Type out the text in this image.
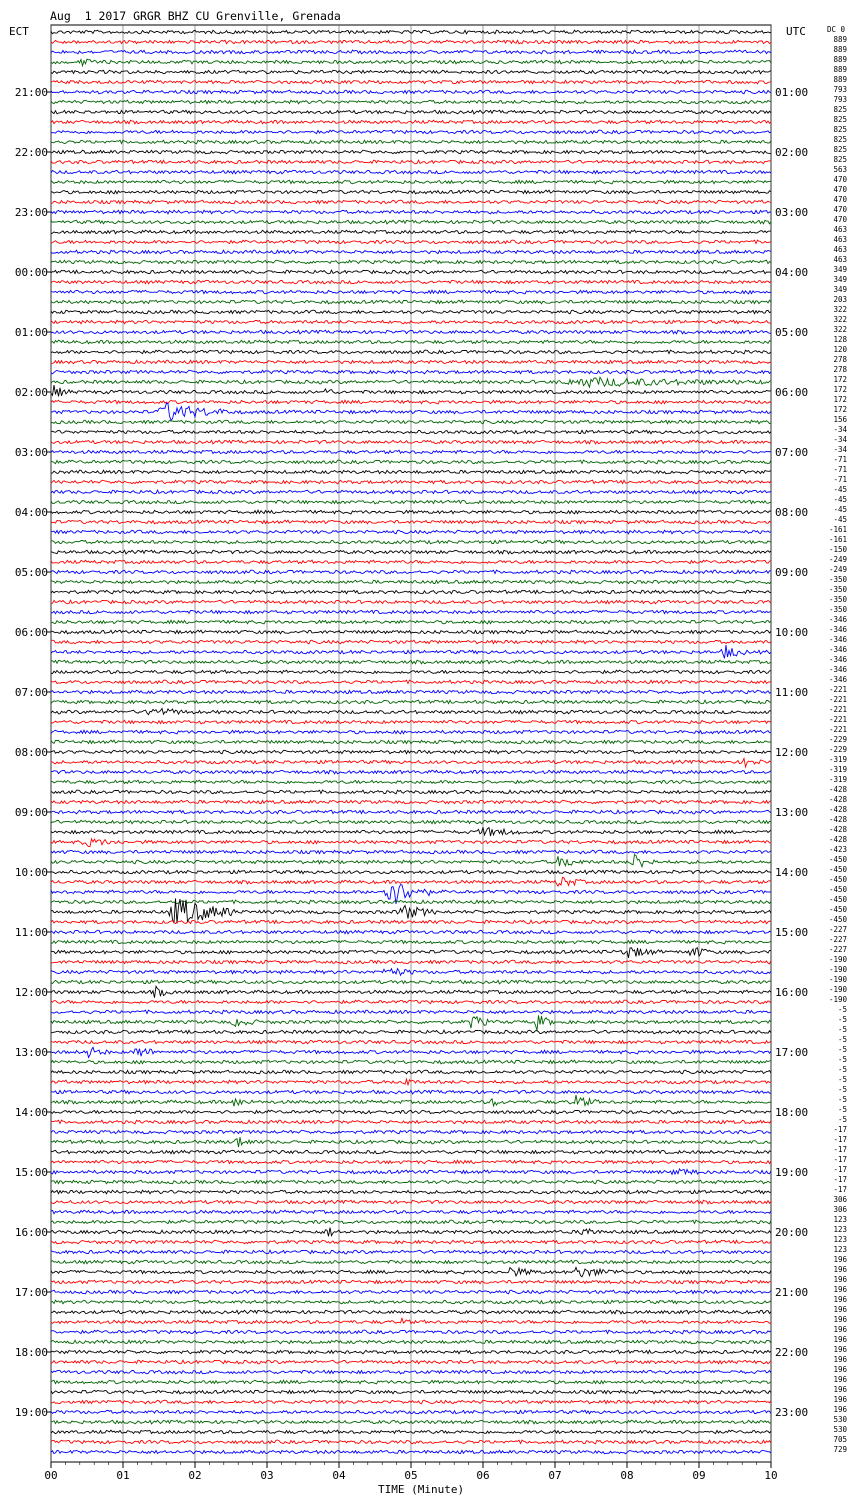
Aug  1 2017 GRGR BHZ CU Grenville, Grenada
ECT	UTC	DC 0
TIME (Minute)
00	01	02	03	04	05	06	07	08	09	10
21:00
22:00
23:00
00:00
01:00
02:00
03:00
04:00
05:00
06:00
07:00
08:00
09:00
10:00
11:00
12:00
13:00
14:00
15:00
16:00
17:00
18:00
19:00
01:00
02:00
03:00
04:00
05:00
06:00
07:00
08:00
09:00
10:00
11:00
12:00
13:00
14:00
15:00
16:00
17:00
18:00
19:00
20:00
21:00
22:00
23:00
889
889
889
889
889
793
793
825
825
825
825
825
825
563
470
470
470
470
470
463
463
463
463
349
349
349
203
322
322
322
128
120
278
278
172
172
172
172
156
-34
-34
-34
-71
-71
-71
-45
-45
-45
-45
-161
-161
-150
-249
-249
-350
-350
-350
-350
-346
-346
-346
-346
-346
-346
-346
-221
-221
-221
-221
-221
-229
-229
-319
-319
-319
-428
-428
-428
-428
-428
-428
-423
-450
-450
-450
-450
-450
-450
-450
-227
-227
-227
-190
-190
-190
-190
-190
-5
-5
-5
-5
-5
-5
-5
-5
-5
-5
-5
-5
-17
-17
-17
-17
-17
-17
-17
306
306
123
123
123
123
196
196
196
196
196
196
196
196
196
196
196
196
196
196
196
196
530
530
705
729
